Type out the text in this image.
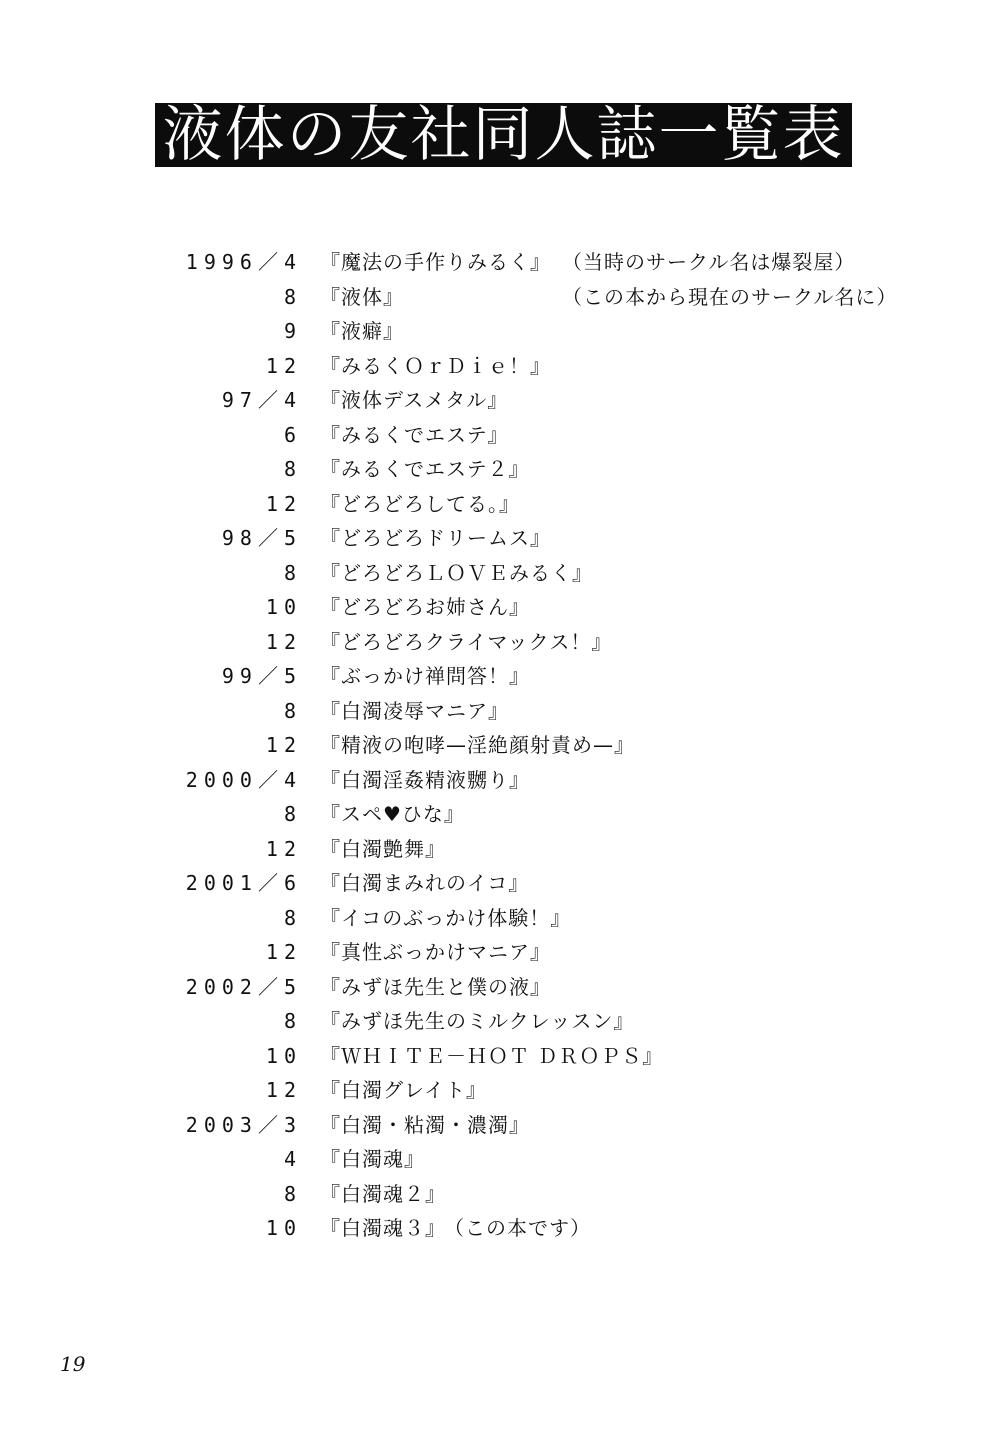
液体の友社同人誌一覧表
1996／4 『魔法の手作りみるく』 （当時のサークル名は爆裂屋）
8 『液体』	（この本から現在のサークル名に）
9 『液癖』
12 『みるくＯｒＤｉｅ！』
97／4 『液体デスメタル』
6 『みるくでエステ』
8 『みるくでエステ２』
12 『どろどろしてる。』
98／5 『どろどろドリームス』
8 『どろどろＬＯＶＥみるく』
10 『どろどろお姉さん』
12 『どろどろクライマックス！』
99／5 『ぶっかけ禅問答！』
8 『白濁凌辱マニア』
12 『精液の咆哮—淫絶顔射責め—』
2000／4 『白濁淫姦精液嬲り』
8 『スペ♥ひな』
12 『白濁艶舞』
2001／6 『白濁まみれのイコ』
8 『イコのぶっかけ体験！』
12 『真性ぶっかけマニア』
2002／5 『みずほ先生と僕の液』
8 『みずほ先生のミルクレッスン』
10 『ＷＨＩＴＥ－ＨＯＴ ＤＲＯＰＳ』
12 『白濁グレイト』
2003／3 『白濁・粘濁・濃濁』
4 『白濁魂』
8 『白濁魂２』
10 『白濁魂３』 （この本です）
19
